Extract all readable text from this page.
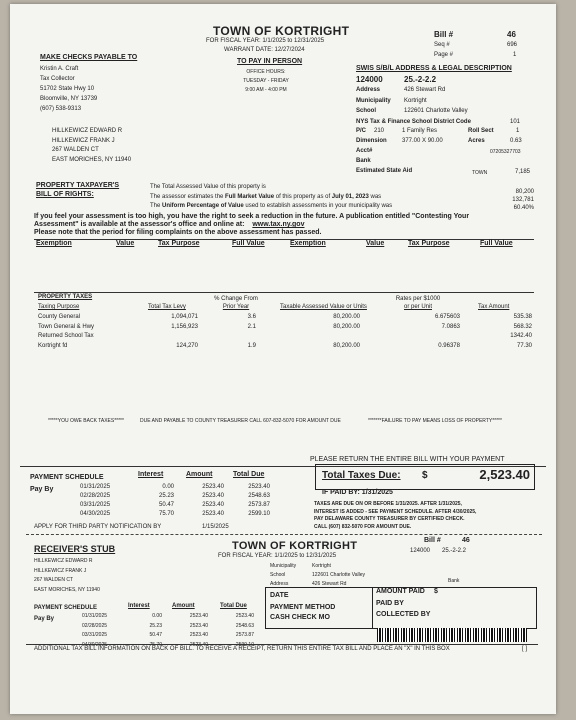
TOWN OF KORTRIGHT
FOR FISCAL YEAR: 1/1/2025 to 12/31/2025
WARRANT DATE: 12/27/2024
Bill #	46
Seq #	696
Page #	1
MAKE CHECKS PAYABLE TO
Kristin A. Craft
Tax Collector
51702 State Hwy 10
Bloomville, NY 13739
(607) 538-9313
TO PAY IN PERSON
OFFICE HOURS:
TUESDAY - FRIDAY
9:00 AM - 4:00 PM
SWIS S/B/L ADDRESS & LEGAL DESCRIPTION
124000	25.-2-2.2
Address	426 Stewart Rd
Municipality Kortright
School	122601 Charlotte Valley
NYS Tax & Finance School District Code	101
P/C 210	1 Family Res	Roll Sect	1
Dimension	377.00 X 90.00	Acres	0.63
Acct#	07205327703
Bank
Estimated State Aid	TOWN	7,185
HILLKEWICZ EDWARD R
HILLKEWICZ FRANK J
267 WALDEN CT
EAST MORICHES, NY 11940
PROPERTY TAXPAYER'S
BILL OF RIGHTS:
The Total Assessed Value of this property is
80,200
The assessor estimates the Full Market Value of this property as of July 01, 2023 was	132,781
The Uniform Percentage of Value used to establish assessments in your municipality was	60.40%
If you feel your assessment is too high, you have the right to seek a reduction in the future. A publication entitled "Contesting Your
Assessment" is available at the assessor's office and online at: www.tax.ny.gov
Please note that the period for filing complaints on the above assessment has passed.
Exemption	Value	Tax Purpose	Full Value	Exemption	Value	Tax Purpose	Full Value
PROPERTY TAXES
Taxing Purpose	Total Tax Levy
% Change From
Prior Year	Taxable Assessed Value or Units
Rates per $1000
or per Unit	Tax Amount
County General	1,094,071	3.6	80,200.00	6.675603	535.38
Town General & Hwy	1,156,923	2.1	80,200.00	7.0863	568.32
Returned School Tax					1342.40
Kortright fd	124,270	1.9	80,200.00	0.96378	77.30
*****YOU OWE BACK TAXES*****	DUE AND PAYABLE TO COUNTY TREASURER CALL 607-832-5070 FOR AMOUNT DUE	*******FAILURE TO PAY MEANS LOSS OF PROPERTY*****
PLEASE RETURN THE ENTIRE BILL WITH YOUR PAYMENT
PAYMENT SCHEDULE
Pay By
Interest	Amount	Total Due
01/31/2025	0.00	2523.40	2523.40
02/28/2025	25.23	2523.40	2548.63
03/31/2025	50.47	2523.40	2573.87
04/30/2025	75.70	2523.40	2599.10
APPLY FOR THIRD PARTY NOTIFICATION BY	1/15/2025
Total Taxes Due: $	2,523.40
IF PAID BY: 1/31/2025
TAXES ARE DUE ON OR BEFORE 1/31/2025. AFTER 1/31/2025,
INTEREST IS ADDED - SEE PAYMENT SCHEDULE. AFTER 4/30/2025,
PAY DELAWARE COUNTY TREASURER BY CERTIFIED CHECK.
CALL (607) 832-5070 FOR AMOUNT DUE.
RECEIVER'S STUB	TOWN OF KORTRIGHT
FOR FISCAL YEAR: 1/1/2025 to 12/31/2025
Bill #	46
124000 25.-2-2.2
HILLKEWICZ EDWARD R
HILLKEWICZ FRANK J
267 WALDEN CT
EAST MORICHES, NY 11940
Municipality	Kortright
School	122601 Charlotte Valley
Address	426 Stewart Rd	Bank
PAYMENT SCHEDULE
Pay By
Interest	Amount	Total Due
01/31/2025	0.00	2523.40	2523.40
02/28/2025	25.23	2523.40	2548.63
03/31/2025	50.47	2523.40	2573.87

DATE
PAYMENT METHOD
CASH CHECK MO
AMOUNT PAID $
PAID BY
COLLECTED BY
ADDITIONAL TAX BILL INFORMATION ON BACK OF BILL. TO RECEIVE A RECEIPT, RETURN THIS ENTIRE TAX BILL AND PLACE AN "X" IN THIS BOX	[ ]
